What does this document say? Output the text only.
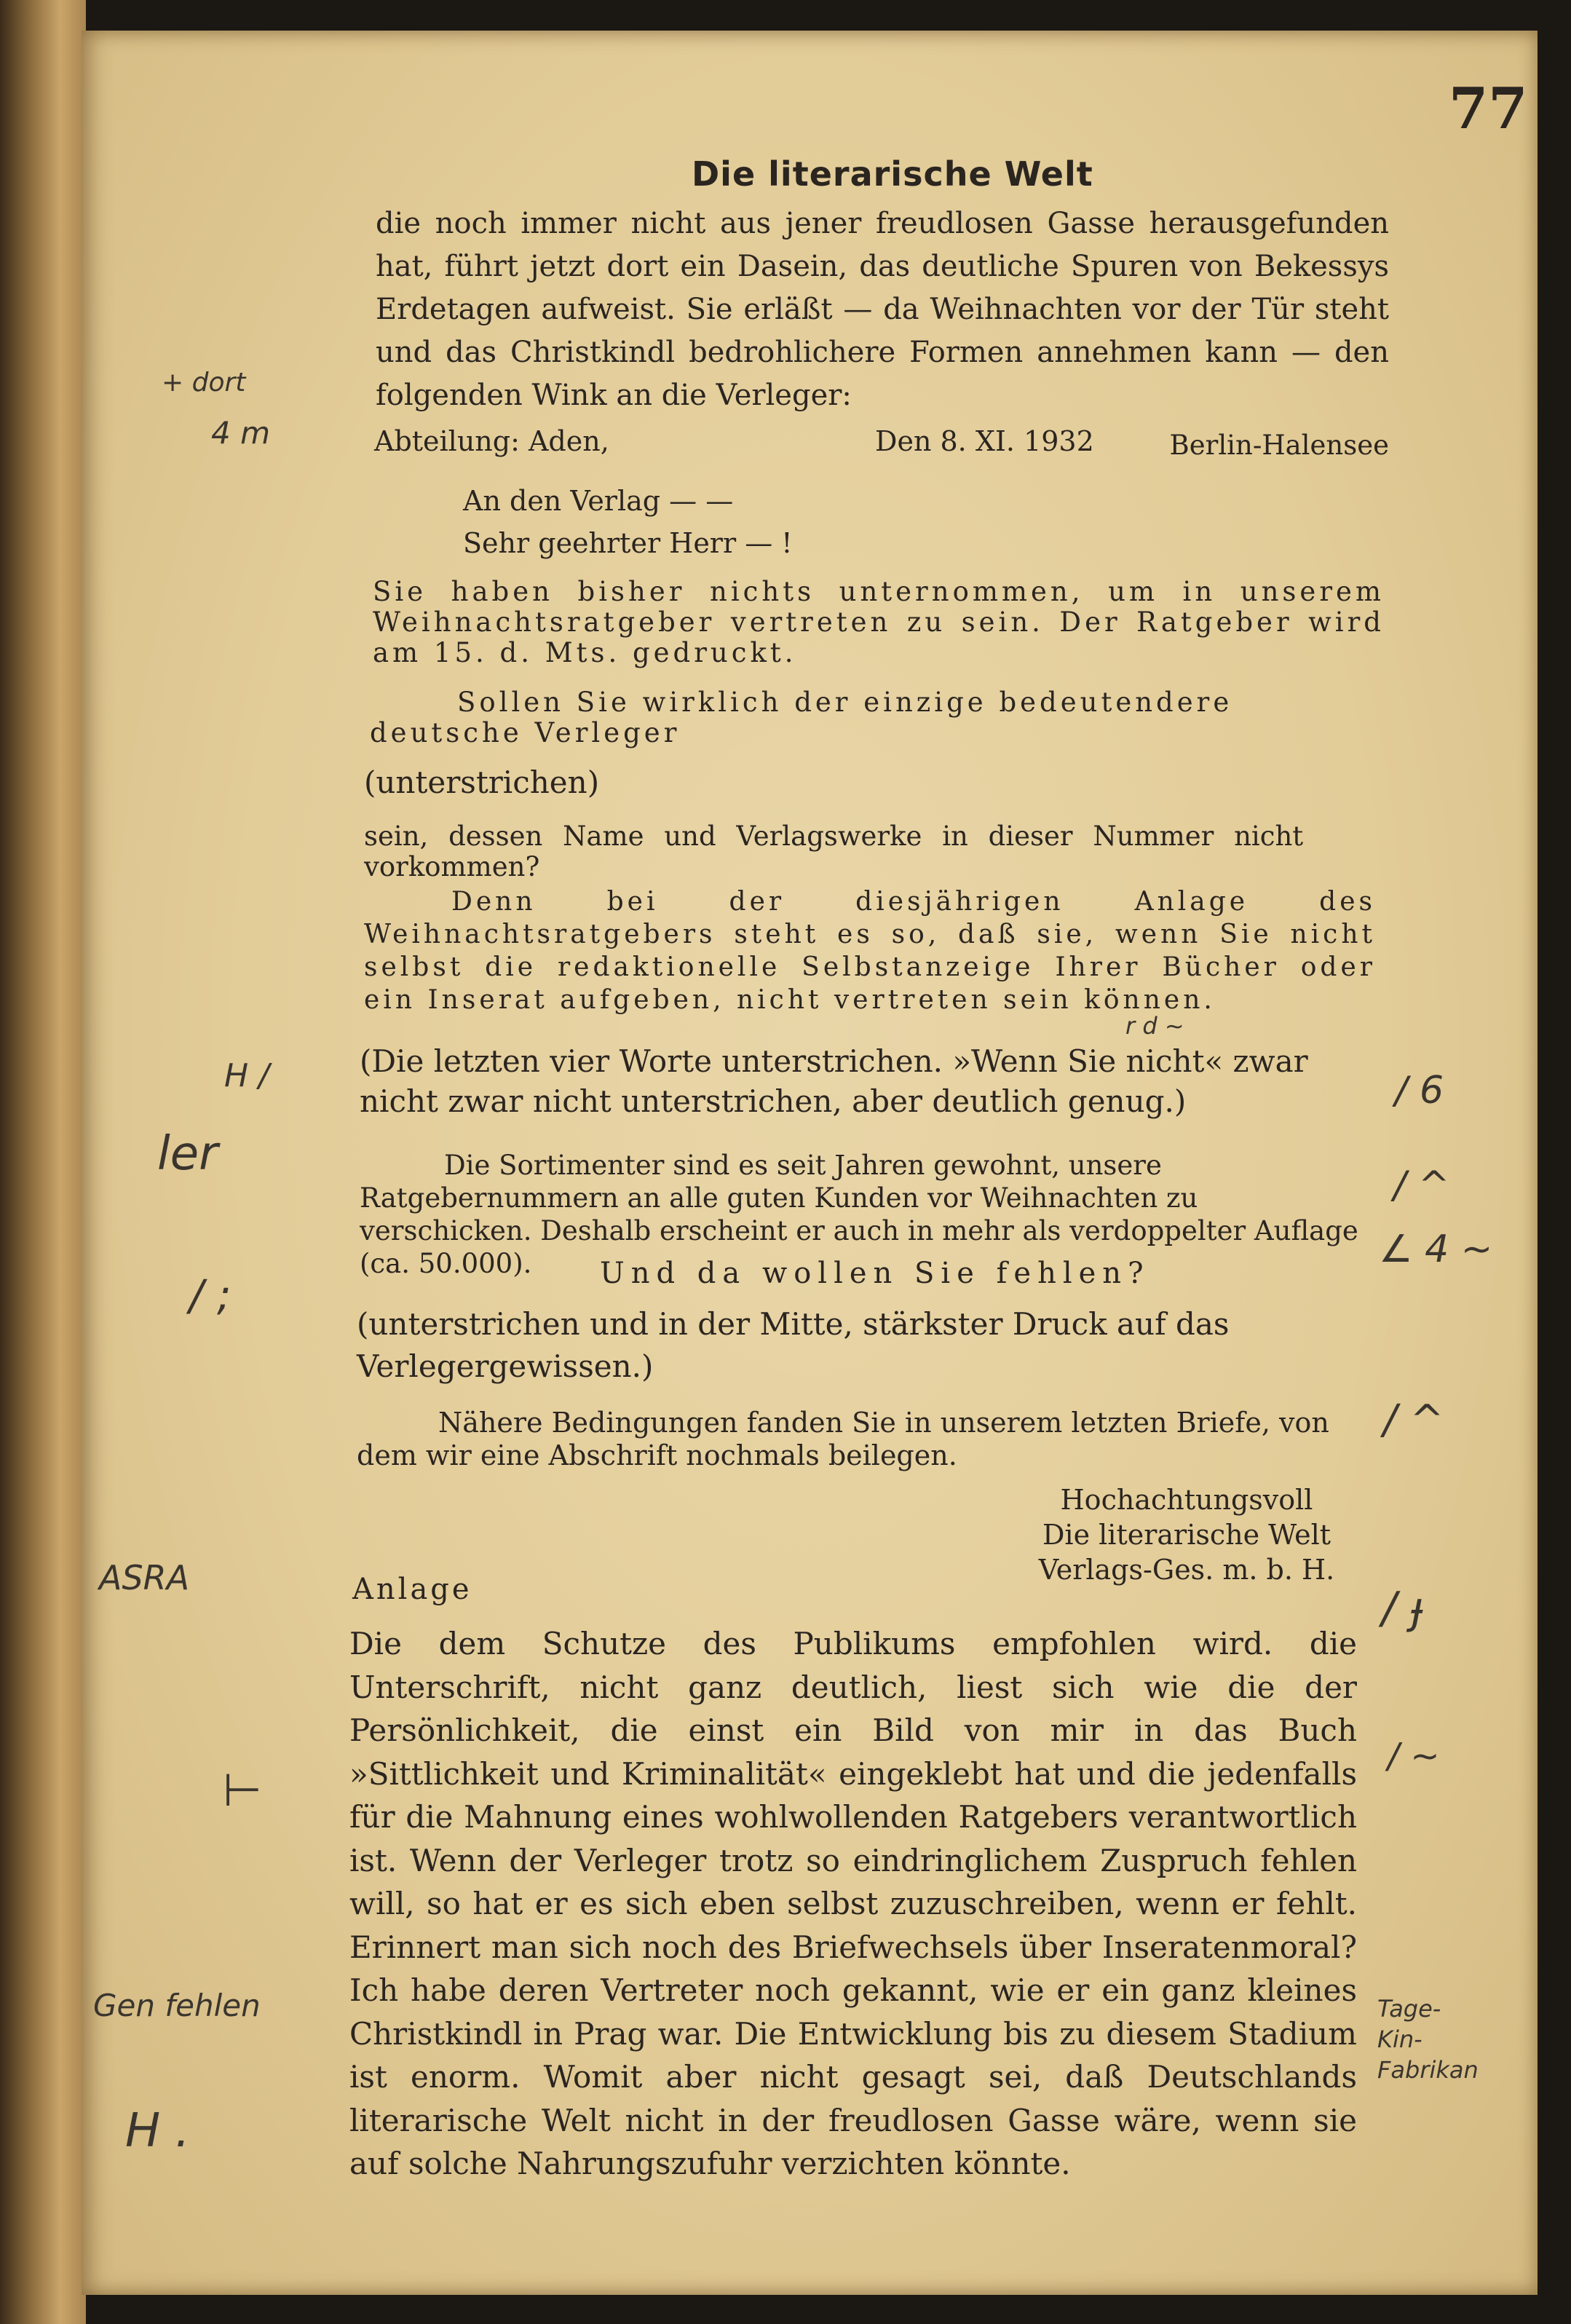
77
Die literarische Welt
die noch immer nicht aus jener freudlosen Gasse herausgefunden hat, führt jetzt dort ein Dasein, das deutliche Spuren von Bekessys Erdetagen aufweist. Sie erläßt — da Weihnachten vor der Tür steht und das Christkindl bedrohlichere Formen annehmen kann — den folgenden Wink an die Verleger:
Abteilung: Aden,	Den 8. XI. 1932	Berlin-Halensee
An den Verlag — —
Sehr geehrter Herr — !
Sie haben bisher nichts unternommen, um in unserem Weihnachtsratgeber vertreten zu sein. Der Ratgeber wird am 15. d. Mts. gedruckt.
Sollen Sie wirklich der einzige bedeutendere deutsche Verleger
(unterstrichen)
sein, dessen Name und Verlagswerke in dieser Nummer nicht vorkommen?
Denn bei der diesjährigen Anlage des Weihnachtsratgebers steht es so, daß sie, wenn Sie nicht selbst die redaktionelle Selbstanzeige Ihrer Bücher oder ein Inserat aufgeben, nicht vertreten sein können.
(Die letzten vier Worte unterstrichen. »Wenn Sie nicht« zwar nicht zwar nicht unterstrichen, aber deutlich genug.)
Die Sortimenter sind es seit Jahren gewohnt, unsere Ratgebernummern an alle guten Kunden vor Weihnachten zu verschicken. Deshalb erscheint er auch in mehr als verdoppelter Auflage (ca. 50.000).	Und da wollen Sie fehlen?
(unterstrichen und in der Mitte, stärkster Druck auf das Verlegergewissen.)
Nähere Bedingungen fanden Sie in unserem letzten Briefe, von dem wir eine Abschrift nochmals beilegen.
Hochachtungsvoll
Die literarische Welt
Verlags-Ges. m. b. H.
Anlage
Die dem Schutze des Publikums empfohlen wird. die Unterschrift, nicht ganz deutlich, liest sich wie die der Persönlichkeit, die einst ein Bild von mir in das Buch »Sittlichkeit und Kriminalität« eingeklebt hat und die jedenfalls für die Mahnung eines wohlwollenden Ratgebers verantwortlich ist. Wenn der Verleger trotz so eindringlichem Zuspruch fehlen will, so hat er es sich eben selbst zuzuschreiben, wenn er fehlt. Erinnert man sich noch des Briefwechsels über Inseratenmoral? Ich habe deren Vertreter noch gekannt, wie er ein ganz kleines Christkindl in Prag war. Die Entwicklung bis zu diesem Stadium ist enorm. Womit aber nicht gesagt sei, daß Deutschlands literarische Welt nicht in der freudlosen Gasse wäre, wenn sie auf solche Nahrungszufuhr verzichten könnte.
+ dort
4 m
H /
ler
/ ;
ASRA
⊢
Gen fehlen
H .
/ 6
/ ^
∠ 4 ~
/ ^
/ ɟ
/ ~
Tage- Kin- Fabrikan
r d ~
